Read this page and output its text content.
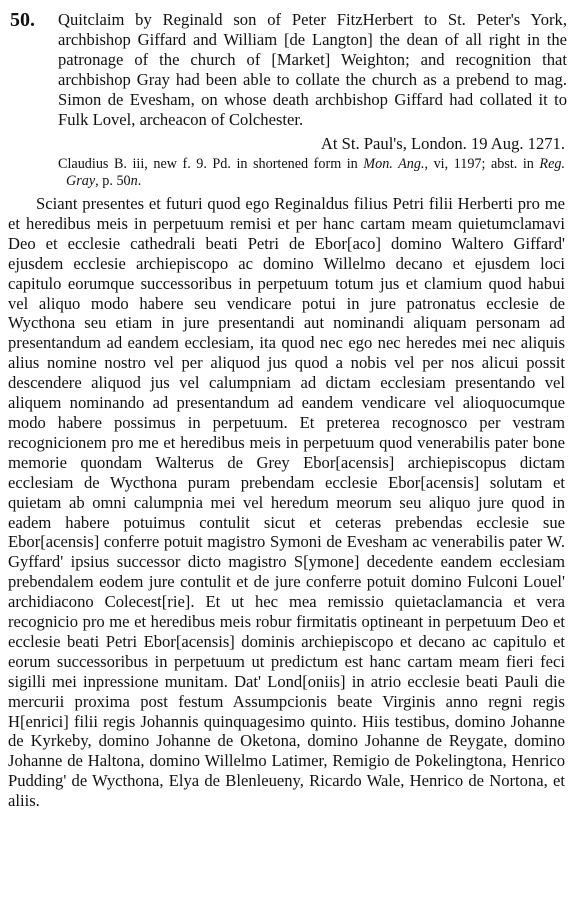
50. Quitclaim by Reginald son of Peter FitzHerbert to St. Peter's York, archbishop Giffard and William [de Langton] the dean of all right in the patronage of the church of [Market] Weighton; and recognition that archbishop Gray had been able to collate the church as a prebend to mag. Simon de Evesham, on whose death archbishop Giffard had collated it to Fulk Lovel, archeacon of Colchester.

At St. Paul's, London. 19 Aug. 1271.

Claudius B. iii, new f. 9. Pd. in shortened form in Mon. Ang., vi, 1197; abst. in Reg. Gray, p. 50n.

Sciant presentes et futuri quod ego Reginaldus filius Petri filii Herberti pro me et heredibus meis in perpetuum remisi et per hanc cartam meam quietumclamavi Deo et ecclesie cathedrali beati Petri de Ebor[aco] domino Waltero Giffard' ejusdem ecclesie archiepiscopo ac domino Willelmo decano et ejusdem loci capitulo eorumque successoribus in perpetuum totum jus et clamium quod habui vel aliquo modo habere seu vendicare potui in jure patronatus ecclesie de Wycthona seu etiam in jure presentandi aut nominandi aliquam personam ad presentandum ad eandem ecclesiam, ita quod nec ego nec heredes mei nec aliquis alius nomine nostro vel per aliquod jus quod a nobis vel per nos alicui possit descendere aliquod jus vel calumpniam ad dictam ecclesiam presentando vel aliquem nominando ad presentandum ad eandem vendicare vel alioquocumque modo habere possimus in perpetuum. Et preterea recognosco per vestram recognicionem pro me et heredibus meis in perpetuum quod venerabilis pater bone memorie quondam Walterus de Grey Ebor[acensis] archiepiscopus dictam ecclesiam de Wycthona puram prebendam ecclesie Ebor[acensis] solutam et quietam ab omni calumpnia mei vel heredum meorum seu aliquo jure quod in eadem habere potuimus contulit sicut et ceteras prebendas ecclesie sue Ebor[acensis] conferre potuit magistro Symoni de Evesham ac venerabilis pater W. Gyffard' ipsius successor dicto magistro S[ymone] decedente eandem ecclesiam prebendalem eodem jure contulit et de jure conferre potuit domino Fulconi Louel' archidiacono Colecest[rie]. Et ut hec mea remissio quietaclamancia et vera recognicio pro me et heredibus meis robur firmitatis optineant in perpetuum Deo et ecclesie beati Petri Ebor[acensis] dominis archiepiscopo et decano ac capitulo et eorum successoribus in perpetuum ut predictum est hanc cartam meam fieri feci sigilli mei inpressione munitam. Dat' Lond[oniis] in atrio ecclesie beati Pauli die mercurii proxima post festum Assumpcionis beate Virginis anno regni regis H[enrici] filii regis Johannis quinquagesimo quinto. Hiis testibus, domino Johanne de Kyrkeby, domino Johanne de Oketona, domino Johanne de Reygate, domino Johanne de Haltona, domino Willelmo Latimer, Remigio de Pokelingtona, Henrico Pudding' de Wycthona, Elya de Blenleueny, Ricardo Wale, Henrico de Nortona, et aliis.
